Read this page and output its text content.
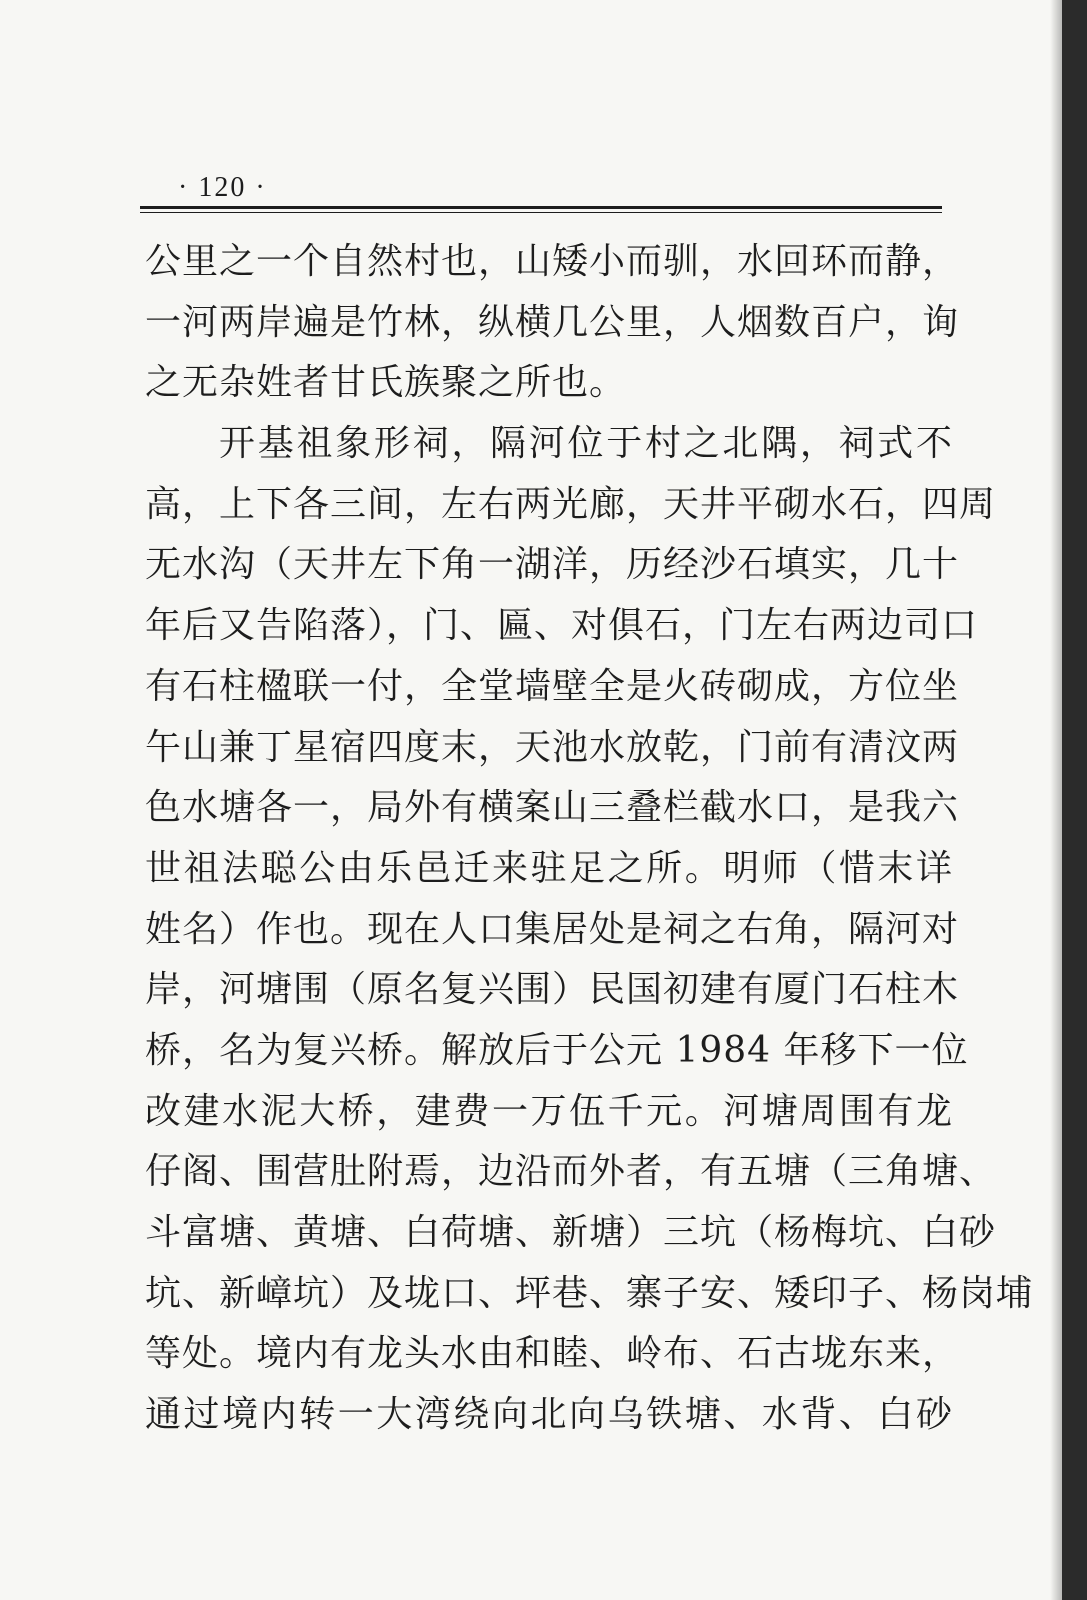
· 120 ·
公里之一个自然村也，山矮小而驯，水回环而静，
一河两岸遍是竹林，纵横几公里，人烟数百户，询
之无杂姓者甘氏族聚之所也。
开基祖象形祠，隔河位于村之北隅，祠式不
高，上下各三间，左右两光廊，天井平砌水石，四周
无水沟（天井左下角一湖洋，历经沙石填实，几十
年后又告陷落），门、匾、对俱石，门左右两边司口
有石柱楹联一付，全堂墙壁全是火砖砌成，方位坐
午山兼丁星宿四度末，天池水放乾，门前有清汶两
色水塘各一，局外有横案山三叠栏截水口，是我六
世祖法聪公由乐邑迁来驻足之所。明师（惜末详
姓名）作也。现在人口集居处是祠之右角，隔河对
岸，河塘围（原名复兴围）民国初建有厦门石柱木
桥，名为复兴桥。解放后于公元 1984 年移下一位
改建水泥大桥，建费一万伍千元。河塘周围有龙
仔阁、围营肚附焉，边沿而外者，有五塘（三角塘、
斗富塘、黄塘、白荷塘、新塘）三坑（杨梅坑、白砂
坑、新嶂坑）及垅口、坪巷、寨子安、矮印子、杨岗埔
等处。境内有龙头水由和睦、岭布、石古垅东来，
通过境内转一大湾绕向北向乌铁塘、水背、白砂
